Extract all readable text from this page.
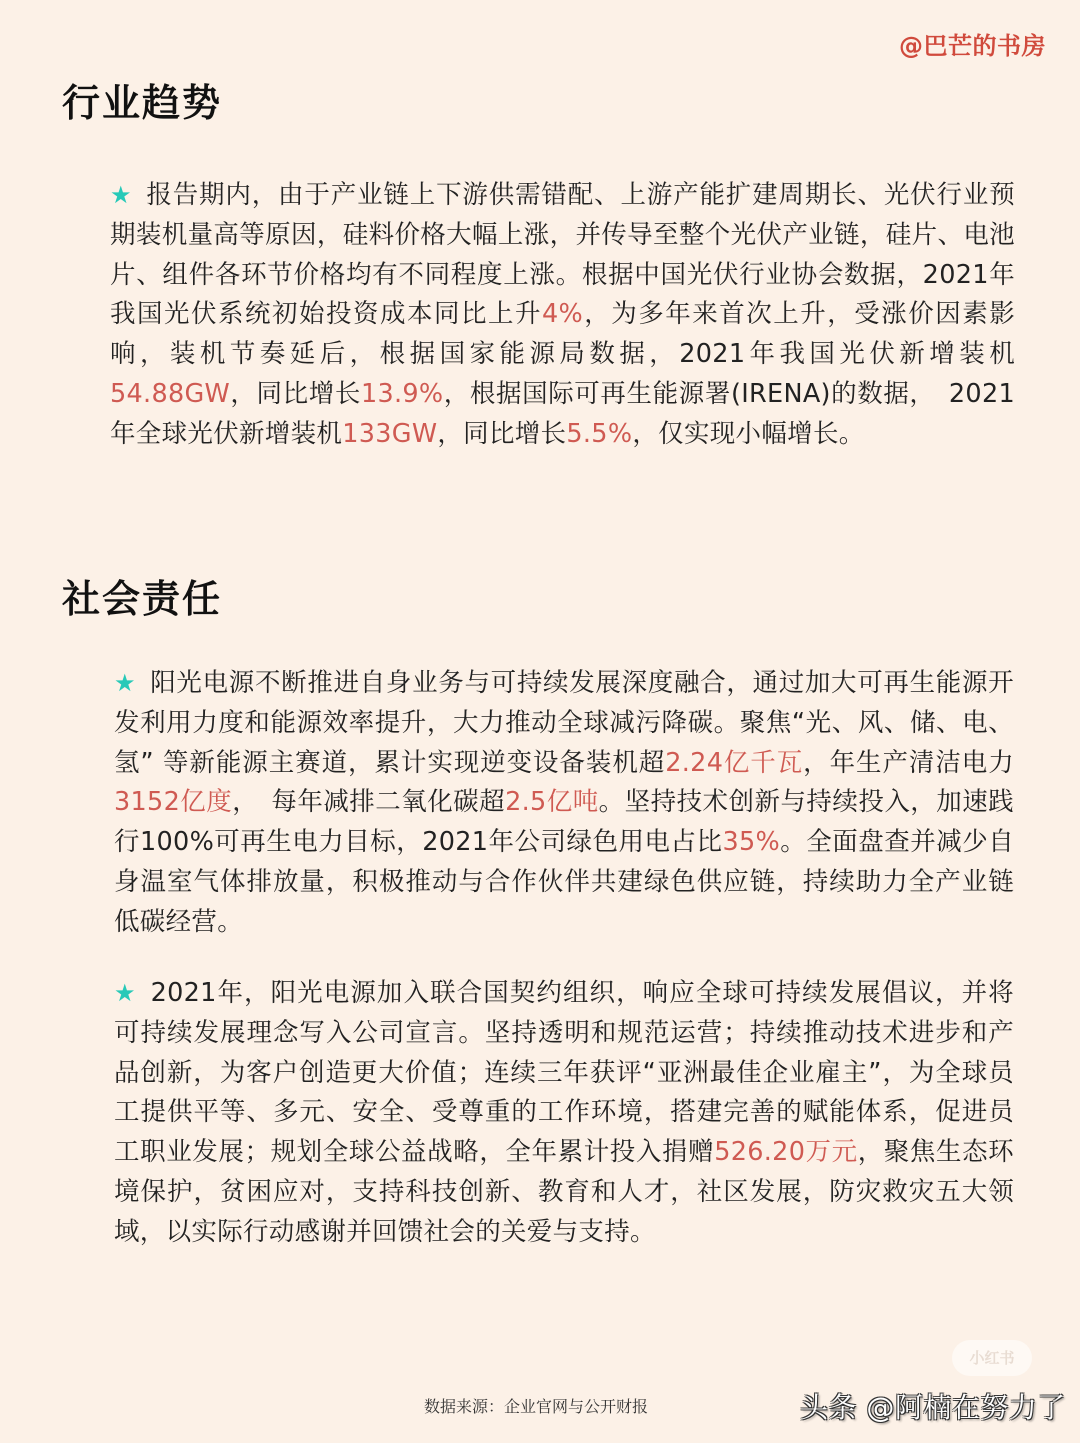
@巴芒的书房
行业趋势

★ 报告期内，由于产业链上下游供需错配、上游产能扩建周期长、光伏行业预期装机量高等原因，硅料价格大幅上涨，并传导至整个光伏产业链，硅片、电池片、组件各环节价格均有不同程度上涨。根据中国光伏行业协会数据，2021年我国光伏系统初始投资成本同比上升4%，为多年来首次上升，受涨价因素影响，装机节奏延后，根据国家能源局数据，2021年我国光伏新增装机54.88GW，同比增长13.9%，根据国际可再生能源署(IRENA)的数据，　2021年全球光伏新增装机133GW，同比增长5.5%，仅实现小幅增长。

社会责任

★ 阳光电源不断推进自身业务与可持续发展深度融合，通过加大可再生能源开发利用力度和能源效率提升，大力推动全球减污降碳。聚焦“光、风、储、电、氢” 等新能源主赛道，累计实现逆变设备装机超2.24亿千瓦，年生产清洁电力3152亿度，　每年减排二氧化碳超2.5亿吨。坚持技术创新与持续投入，加速践行100%可再生电力目标，2021年公司绿色用电占比35%。全面盘查并减少自身温室气体排放量，积极推动与合作伙伴共建绿色供应链，持续助力全产业链低碳经营。

★ 2021年，阳光电源加入联合国契约组织，响应全球可持续发展倡议，并将可持续发展理念写入公司宣言。坚持透明和规范运营；持续推动技术进步和产品创新，为客户创造更大价值；连续三年获评“亚洲最佳企业雇主”，为全球员工提供平等、多元、安全、受尊重的工作环境，搭建完善的赋能体系，促进员工职业发展；规划全球公益战略，全年累计投入捐赠526.20万元，聚焦生态环境保护，贫困应对，支持科技创新、教育和人才，社区发展，防灾救灾五大领域，以实际行动感谢并回馈社会的关爱与支持。

小红书
数据来源：企业官网与公开财报	头条 @阿楠在努力了
